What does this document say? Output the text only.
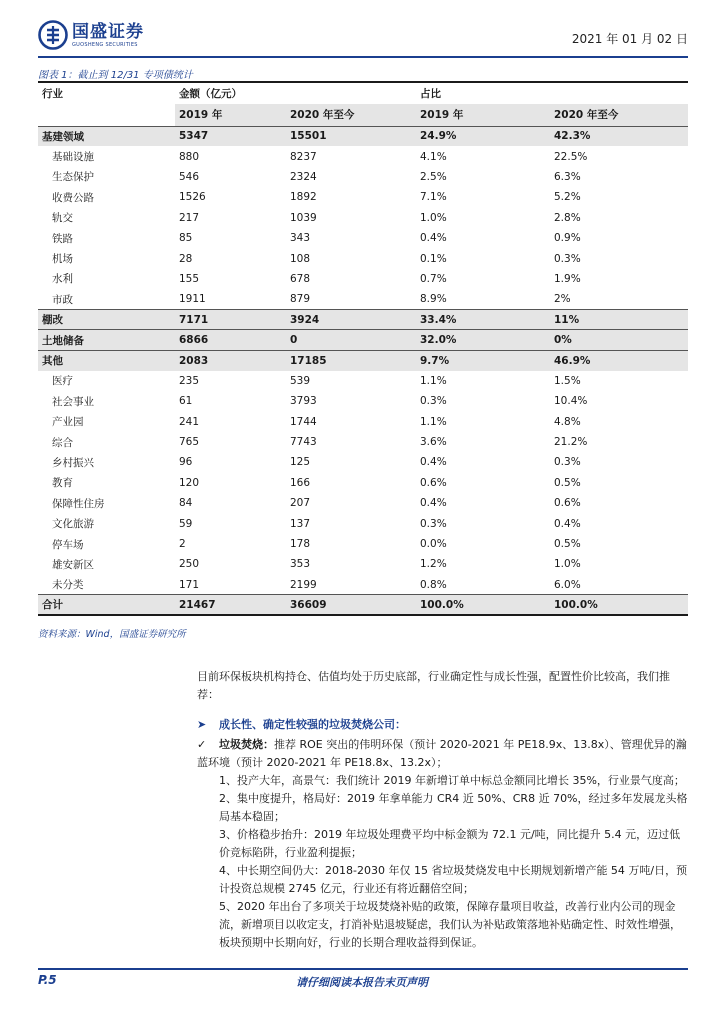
国盛证券
GUOSHENG SECURITIES	2021 年 01 月 02 日
图表 1：截止到 12/31 专项债统计
行业	金额（亿元）		占比	
	2019 年	2020 年至今	2019 年	2020 年至今
基建领域	5347	15501	24.9%	42.3%
基础设施	880	8237	4.1%	22.5%
生态保护	546	2324	2.5%	6.3%
收费公路	1526	1892	7.1%	5.2%
轨交	217	1039	1.0%	2.8%
铁路	85	343	0.4%	0.9%
机场	28	108	0.1%	0.3%
水利	155	678	0.7%	1.9%
市政	1911	879	8.9%	2%
棚改	7171	3924	33.4%	11%
土地储备	6866	0	32.0%	0%
其他	2083	17185	9.7%	46.9%
医疗	235	539	1.1%	1.5%
社会事业	61	3793	0.3%	10.4%
产业园	241	1744	1.1%	4.8%
综合	765	7743	3.6%	21.2%
乡村振兴	96	125	0.4%	0.3%
教育	120	166	0.6%	0.5%
保障性住房	84	207	0.4%	0.6%
文化旅游	59	137	0.3%	0.4%
停车场	2	178	0.0%	0.5%
雄安新区	250	353	1.2%	1.0%
未分类	171	2199	0.8%	6.0%
合计	21467	36609	100.0%	100.0%
资料来源：Wind，国盛证券研究所
目前环保板块机构持仓、估值均处于历史底部，行业确定性与成长性强，配置性价比较高，我们推荐：
➤ 成长性、确定性较强的垃圾焚烧公司：
✓ 垃圾焚烧：推荐 ROE 突出的伟明环保（预计 2020-2021 年 PE18.9x、13.8x）、管理优异的瀚蓝环境（预计 2020-2021 年 PE18.8x、13.2x）；
1、投产大年，高景气：我们统计 2019 年新增订单中标总金额同比增长 35%，行业景气度高；
2、集中度提升，格局好：2019 年拿单能力 CR4 近 50%、CR8 近 70%，经过多年发展龙头格局基本稳固；
3、价格稳步抬升：2019 年垃圾处理费平均中标金额为 72.1 元/吨，同比提升 5.4 元，迈过低价竞标陷阱，行业盈利提振；
4、中长期空间仍大：2018-2030 年仅 15 省垃圾焚烧发电中长期规划新增产能 54 万吨/日，预计投资总规模 2745 亿元，行业还有将近翻倍空间；
5、2020 年出台了多项关于垃圾焚烧补贴的政策，保障存量项目收益，改善行业内公司的现金流，新增项目以收定支，打消补贴退坡疑虑，我们认为补贴政策落地补贴确定性、时效性增强，板块预期中长期向好，行业的长期合理收益得到保证。
P.5	请仔细阅读本报告末页声明
